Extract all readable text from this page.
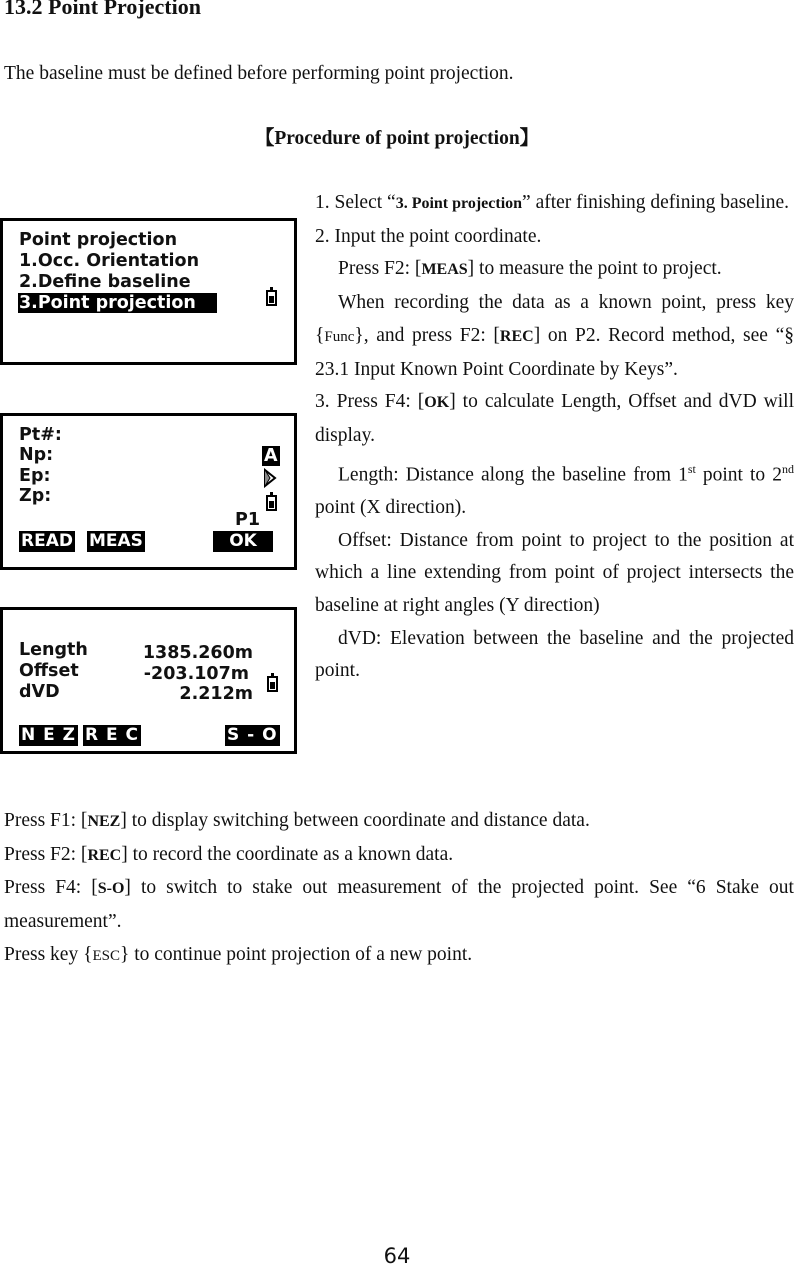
13.2 Point Projection
The baseline must be defined before performing point projection.
【Procedure of point projection】
Point projection
1.Occ. Orientation
2.Define baseline
3.Point projection
Pt#:
Np:
Ep:
Zp:
A
P1
READ MEAS	OK
Length
Offset
dVD
1385.260m
-203.107m
2.212m
N E Z R E C	S - O
1. Select “3. Point projection” after finishing defining baseline.
2. Input the point coordinate.
Press F2: [MEAS] to measure the point to project.
When recording the data as a known point, press key {Func}, and press F2: [REC] on P2. Record method, see “§ 23.1 Input Known Point Coordinate by Keys”.
3. Press F4: [OK] to calculate Length, Offset and dVD will display.
Length: Distance along the baseline from 1st point to 2nd point (X direction).
Offset: Distance from point to project to the position at which a line extending from point of project intersects the baseline at right angles (Y direction)
dVD: Elevation between the baseline and the projected point.
Press F1: [NEZ] to display switching between coordinate and distance data.
Press F2: [REC] to record the coordinate as a known data.
Press F4: [S-O] to switch to stake out measurement of the projected point. See “6 Stake out measurement”.
Press key {ESC} to continue point projection of a new point.
64
